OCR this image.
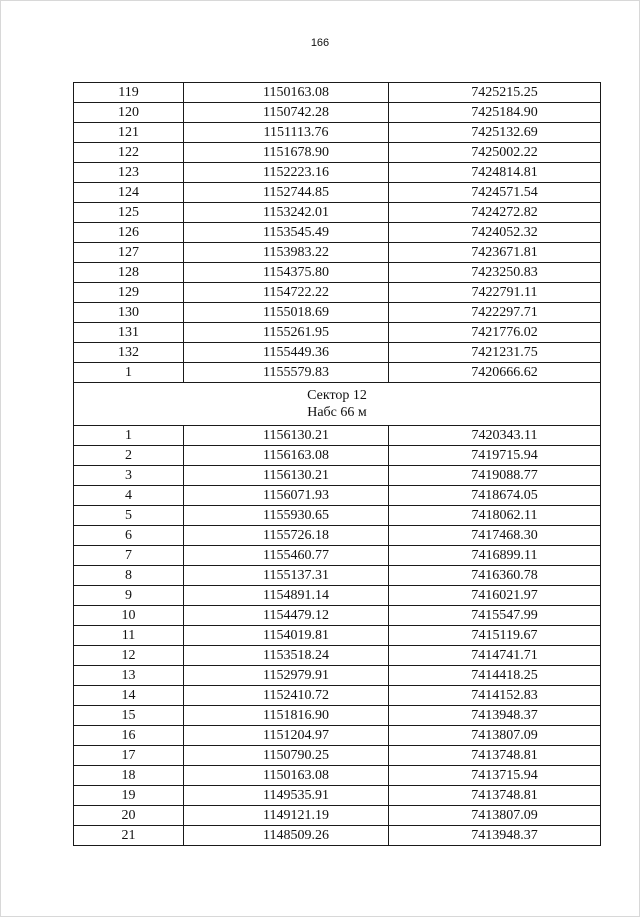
166
119	1150163.08	7425215.25
120	1150742.28	7425184.90
121	1151113.76	7425132.69
122	1151678.90	7425002.22
123	1152223.16	7424814.81
124	1152744.85	7424571.54
125	1153242.01	7424272.82
126	1153545.49	7424052.32
127	1153983.22	7423671.81
128	1154375.80	7423250.83
129	1154722.22	7422791.11
130	1155018.69	7422297.71
131	1155261.95	7421776.02
132	1155449.36	7421231.75
1	1155579.83	7420666.62

Сектор 12
Набс 66 м		

1	1156130.21	7420343.11
2	1156163.08	7419715.94
3	1156130.21	7419088.77
4	1156071.93	7418674.05
5	1155930.65	7418062.11
6	1155726.18	7417468.30
7	1155460.77	7416899.11
8	1155137.31	7416360.78
9	1154891.14	7416021.97
10	1154479.12	7415547.99
11	1154019.81	7415119.67
12	1153518.24	7414741.71
13	1152979.91	7414418.25
14	1152410.72	7414152.83
15	1151816.90	7413948.37
16	1151204.97	7413807.09
17	1150790.25	7413748.81
18	1150163.08	7413715.94
19	1149535.91	7413748.81
20	1149121.19	7413807.09
21	1148509.26	7413948.37
